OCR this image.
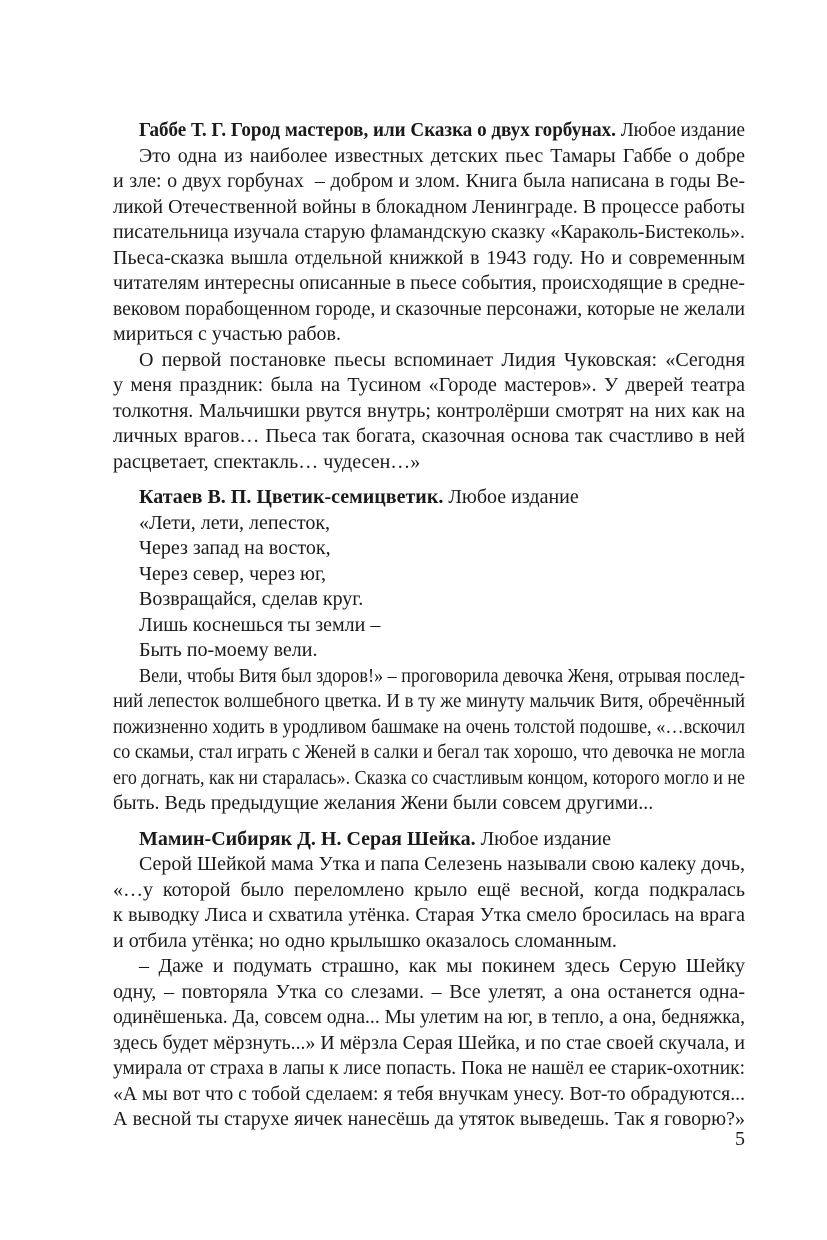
Габбе Т. Г. Город мастеров, или Сказка о двух горбунах. Любое издание
Это одна из наиболее известных детских пьес Тамары Габбе о добре
и зле: о двух горбунах  – добром и злом. Книга была написана в годы Ве-
ликой Отечественной войны в блокадном Ленинграде. В процессе работы
писательница изучала старую фламандскую сказку «Караколь-Бистеколь».
Пьеса-сказка вышла отдельной книжкой в 1943 году. Но и современным
читателям интересны описанные в пьесе события, происходящие в средне-
вековом порабощенном городе, и сказочные персонажи, которые не желали
мириться с участью рабов.
О первой постановке пьесы вспоминает Лидия Чуковская: «Сегодня
у меня праздник: была на Тусином «Городе мастеров». У дверей театра
толкотня. Мальчишки рвутся внутрь; контролёрши смотрят на них как на
личных врагов… Пьеса так богата, сказочная основа так счастливо в ней
расцветает, спектакль… чудесен…»
Катаев В. П. Цветик-семицветик. Любое издание
«Лети, лети, лепесток,
Через запад на восток,
Через север, через юг,
Возвращайся, сделав круг.
Лишь коснешься ты земли –
Быть по-моему вели.
Вели, чтобы Витя был здоров!» – проговорила девочка Женя, отрывая послед-
ний лепесток волшебного цветка. И в ту же минуту мальчик Витя, обречённый
пожизненно ходить в уродливом башмаке на очень толстой подошве, «…вскочил
со скамьи, стал играть с Женей в салки и бегал так хорошо, что девочка не могла
его догнать, как ни старалась». Сказка со счастливым концом, которого могло и не
быть. Ведь предыдущие желания Жени были совсем другими...
Мамин-Сибиряк Д. Н. Серая Шейка. Любое издание
Серой Шейкой мама Утка и папа Селезень называли свою калеку дочь,
«…у которой было переломлено крыло ещё весной, когда подкралась
к выводку Лиса и схватила утёнка. Старая Утка смело бросилась на врага
и отбила утёнка; но одно крылышко оказалось сломанным.
– Даже и подумать страшно, как мы покинем здесь Серую Шейку
одну, – повторяла Утка со слезами. – Все улетят, а она останется одна-
одинёшенька. Да, совсем одна... Мы улетим на юг, в тепло, а она, бедняжка,
здесь будет мёрзнуть...» И мёрзла Серая Шейка, и по стае своей скучала, и
умирала от страха в лапы к лисе попасть. Пока не нашёл ее старик-охотник:
«А мы вот что с тобой сделаем: я тебя внучкам унесу. Вот-то обрадуются...
А весной ты старухе яичек нанесёшь да утяток выведешь. Так я говорю?»
5
